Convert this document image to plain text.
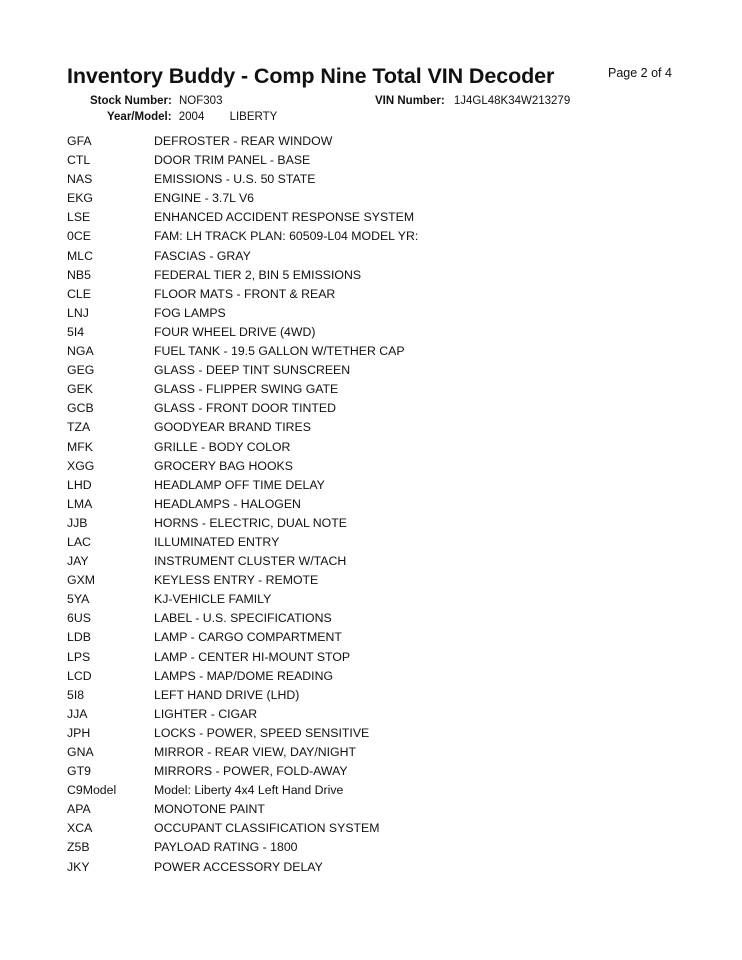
Inventory Buddy - Comp Nine Total VIN Decoder	Page 2 of 4
Stock Number: NOF303	VIN Number: 1J4GL48K34W213279
Year/Model: 2004 LIBERTY
GFA	DEFROSTER - REAR WINDOW
CTL	DOOR TRIM PANEL - BASE
NAS	EMISSIONS - U.S. 50 STATE
EKG	ENGINE - 3.7L V6
LSE	ENHANCED ACCIDENT RESPONSE SYSTEM
0CE	FAM: LH TRACK PLAN: 60509-L04 MODEL YR:
MLC	FASCIAS - GRAY
NB5	FEDERAL TIER 2, BIN 5 EMISSIONS
CLE	FLOOR MATS - FRONT & REAR
LNJ	FOG LAMPS
5I4	FOUR WHEEL DRIVE (4WD)
NGA	FUEL TANK - 19.5 GALLON W/TETHER CAP
GEG	GLASS - DEEP TINT SUNSCREEN
GEK	GLASS - FLIPPER SWING GATE
GCB	GLASS - FRONT DOOR TINTED
TZA	GOODYEAR BRAND TIRES
MFK	GRILLE - BODY COLOR
XGG	GROCERY BAG HOOKS
LHD	HEADLAMP OFF TIME DELAY
LMA	HEADLAMPS - HALOGEN
JJB	HORNS - ELECTRIC, DUAL NOTE
LAC	ILLUMINATED ENTRY
JAY	INSTRUMENT CLUSTER W/TACH
GXM	KEYLESS ENTRY - REMOTE
5YA	KJ-VEHICLE FAMILY
6US	LABEL - U.S. SPECIFICATIONS
LDB	LAMP - CARGO COMPARTMENT
LPS	LAMP - CENTER HI-MOUNT STOP
LCD	LAMPS - MAP/DOME READING
5I8	LEFT HAND DRIVE (LHD)
JJA	LIGHTER - CIGAR
JPH	LOCKS - POWER, SPEED SENSITIVE
GNA	MIRROR - REAR VIEW, DAY/NIGHT
GT9	MIRRORS - POWER, FOLD-AWAY
C9Model	Model: Liberty 4x4 Left Hand Drive
APA	MONOTONE PAINT
XCA	OCCUPANT CLASSIFICATION SYSTEM
Z5B	PAYLOAD RATING - 1800
JKY	POWER ACCESSORY DELAY
